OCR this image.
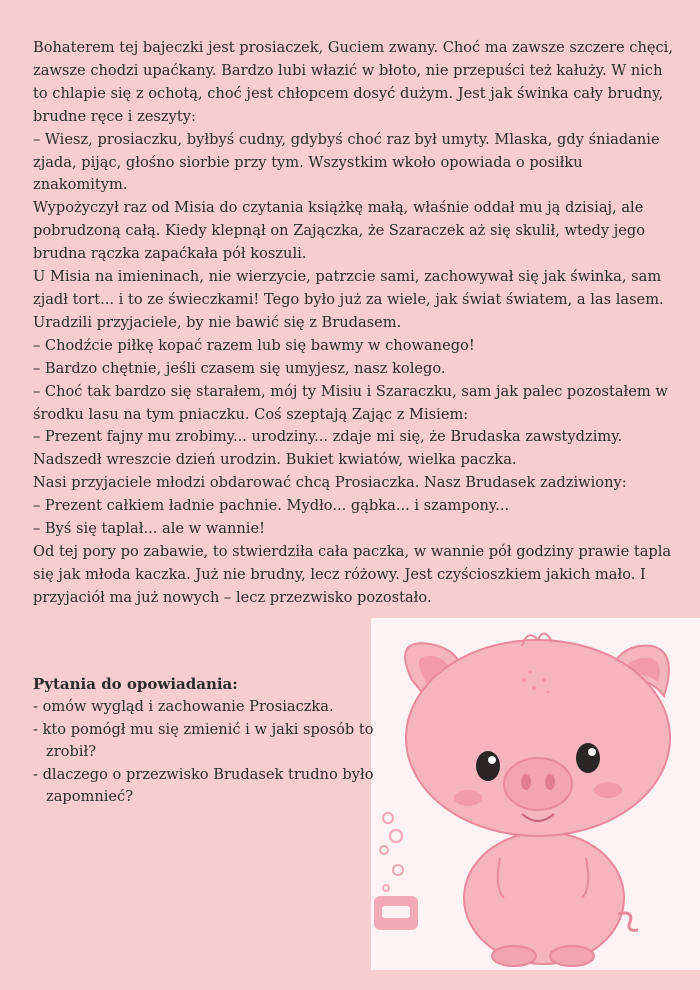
Bohaterem tej bajeczki jest prosiaczek, Guciem zwany. Choć ma zawsze szczere chęci, zawsze chodzi upaćkany. Bardzo lubi włazić w błoto, nie przepuści też kałuży. W nich to chlapie się z ochotą, choć jest chłopcem dosyć dużym. Jest jak świnka cały brudny, brudne ręce i zeszyty:

– Wiesz, prosiaczku, byłbyś cudny, gdybyś choć raz był umyty. Mlaska, gdy śniadanie zjada, pijąc, głośno siorbie przy tym. Wszystkim wkoło opowiada o posiłku znakomitym.

Wypożyczył raz od Misia do czytania książkę małą, właśnie oddał mu ją dzisiaj, ale pobrudzoną całą. Kiedy klepnął on Zajączka, że Szaraczek aż się skulił, wtedy jego brudna rączka zapaćkała pół koszuli.

U Misia na imieninach, nie wierzycie, patrzcie sami, zachowywał się jak świnka, sam zjadł tort... i to ze świeczkami! Tego było już za wiele, jak świat światem, a las lasem. Uradzili przyjaciele, by nie bawić się z Brudasem.

– Chodźcie piłkę kopać razem lub się bawmy w chowanego!

– Bardzo chętnie, jeśli czasem się umyjesz, nasz kolego.

– Choć tak bardzo się starałem, mój ty Misiu i Szaraczku, sam jak palec pozostałem w środku lasu na tym pniaczku. Coś szeptają Zając z Misiem:

– Prezent fajny mu zrobimy... urodziny... zdaje mi się, że Brudaska zawstydzimy. Nadszedł wreszcie dzień urodzin. Bukiet kwiatów, wielka paczka.

Nasi przyjaciele młodzi obdarować chcą Prosiaczka. Nasz Brudasek zadziwiony:

– Prezent całkiem ładnie pachnie. Mydło... gąbka... i szampony...

– Byś się taplał... ale w wannie!

Od tej pory po zabawie, to stwierdziła cała paczka, w wannie pół godziny prawie tapla się jak młoda kaczka. Już nie brudny, lecz różowy. Jest czyścioszkiem jakich mało. I przyjaciół ma już nowych – lecz przezwisko pozostało.

Pytania do opowiadania:

- omów wygląd i zachowanie Prosiaczka.

- kto pomógł mu się zmienić i w jaki sposób to zrobił?

- dlaczego o przezwisko Brudasek trudno było zapomnieć?
